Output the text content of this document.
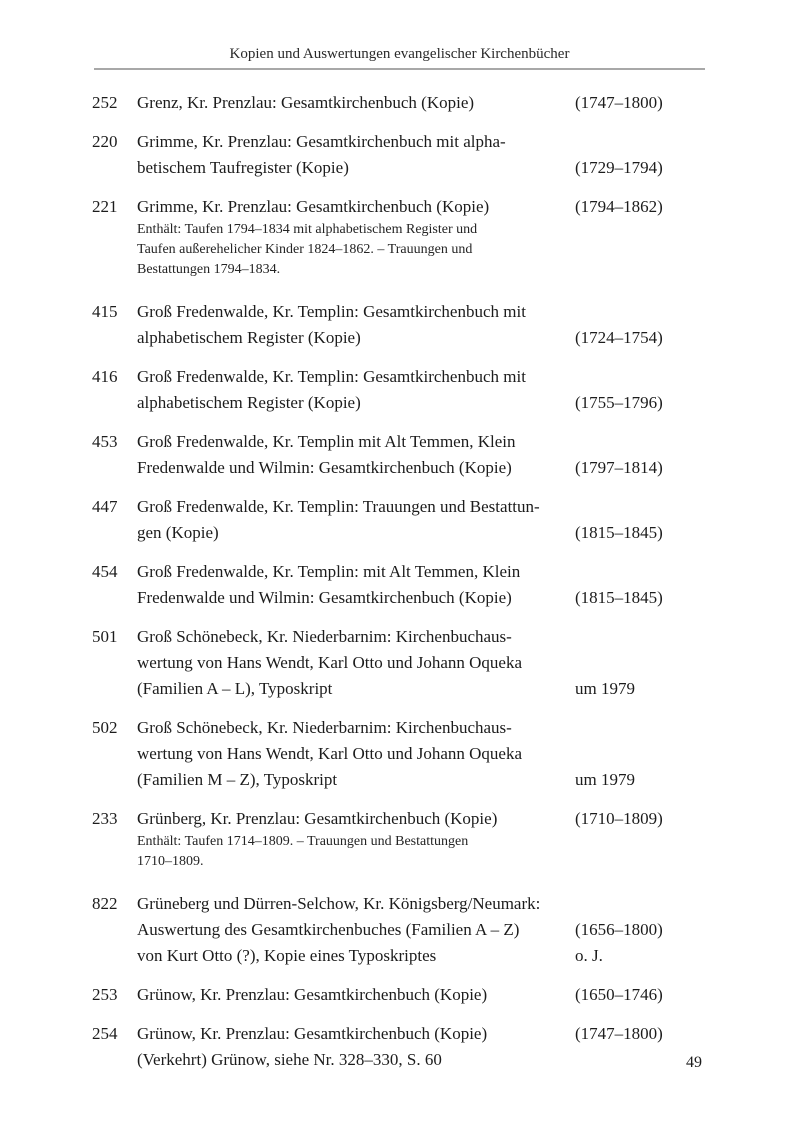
Kopien und Auswertungen evangelischer Kirchenbücher
252	Grenz, Kr. Prenzlau: Gesamtkirchenbuch (Kopie)	(1747–1800)
220	Grimme, Kr. Prenzlau: Gesamtkirchenbuch mit alpha-
betischem Taufregister (Kopie)	(1729–1794)
221	Grimme, Kr. Prenzlau: Gesamtkirchenbuch (Kopie)	(1794–1862)
Enthält: Taufen 1794–1834 mit alphabetischem Register und
Taufen außerehelicher Kinder 1824–1862. – Trauungen und
Bestattungen 1794–1834.
415	Groß Fredenwalde, Kr. Templin: Gesamtkirchenbuch mit
alphabetischem Register (Kopie)	(1724–1754)
416	Groß Fredenwalde, Kr. Templin: Gesamtkirchenbuch mit
alphabetischem Register (Kopie)	(1755–1796)
453	Groß Fredenwalde, Kr. Templin mit Alt Temmen, Klein
Fredenwalde und Wilmin: Gesamtkirchenbuch (Kopie)	(1797–1814)
447	Groß Fredenwalde, Kr. Templin: Trauungen und Bestattun-
gen (Kopie)	(1815–1845)
454	Groß Fredenwalde, Kr. Templin: mit Alt Temmen, Klein
Fredenwalde und Wilmin: Gesamtkirchenbuch (Kopie)	(1815–1845)
501	Groß Schönebeck, Kr. Niederbarnim: Kirchenbuchaus-
wertung von Hans Wendt, Karl Otto und Johann Oqueka
(Familien A – L), Typoskript	um 1979
502	Groß Schönebeck, Kr. Niederbarnim: Kirchenbuchaus-
wertung von Hans Wendt, Karl Otto und Johann Oqueka
(Familien M – Z), Typoskript	um 1979
233	Grünberg, Kr. Prenzlau: Gesamtkirchenbuch (Kopie)	(1710–1809)
Enthält: Taufen 1714–1809. – Trauungen und Bestattungen
1710–1809.
822	Grüneberg und Dürren-Selchow, Kr. Königsberg/Neumark:
Auswertung des Gesamtkirchenbuches (Familien A – Z)
von Kurt Otto (?), Kopie eines Typoskriptes
(1656–1800)
o. J.
253	Grünow, Kr. Prenzlau: Gesamtkirchenbuch (Kopie)	(1650–1746)
254	Grünow, Kr. Prenzlau: Gesamtkirchenbuch (Kopie)	(1747–1800)
(Verkehrt) Grünow, siehe Nr. 328–330, S. 60	49
